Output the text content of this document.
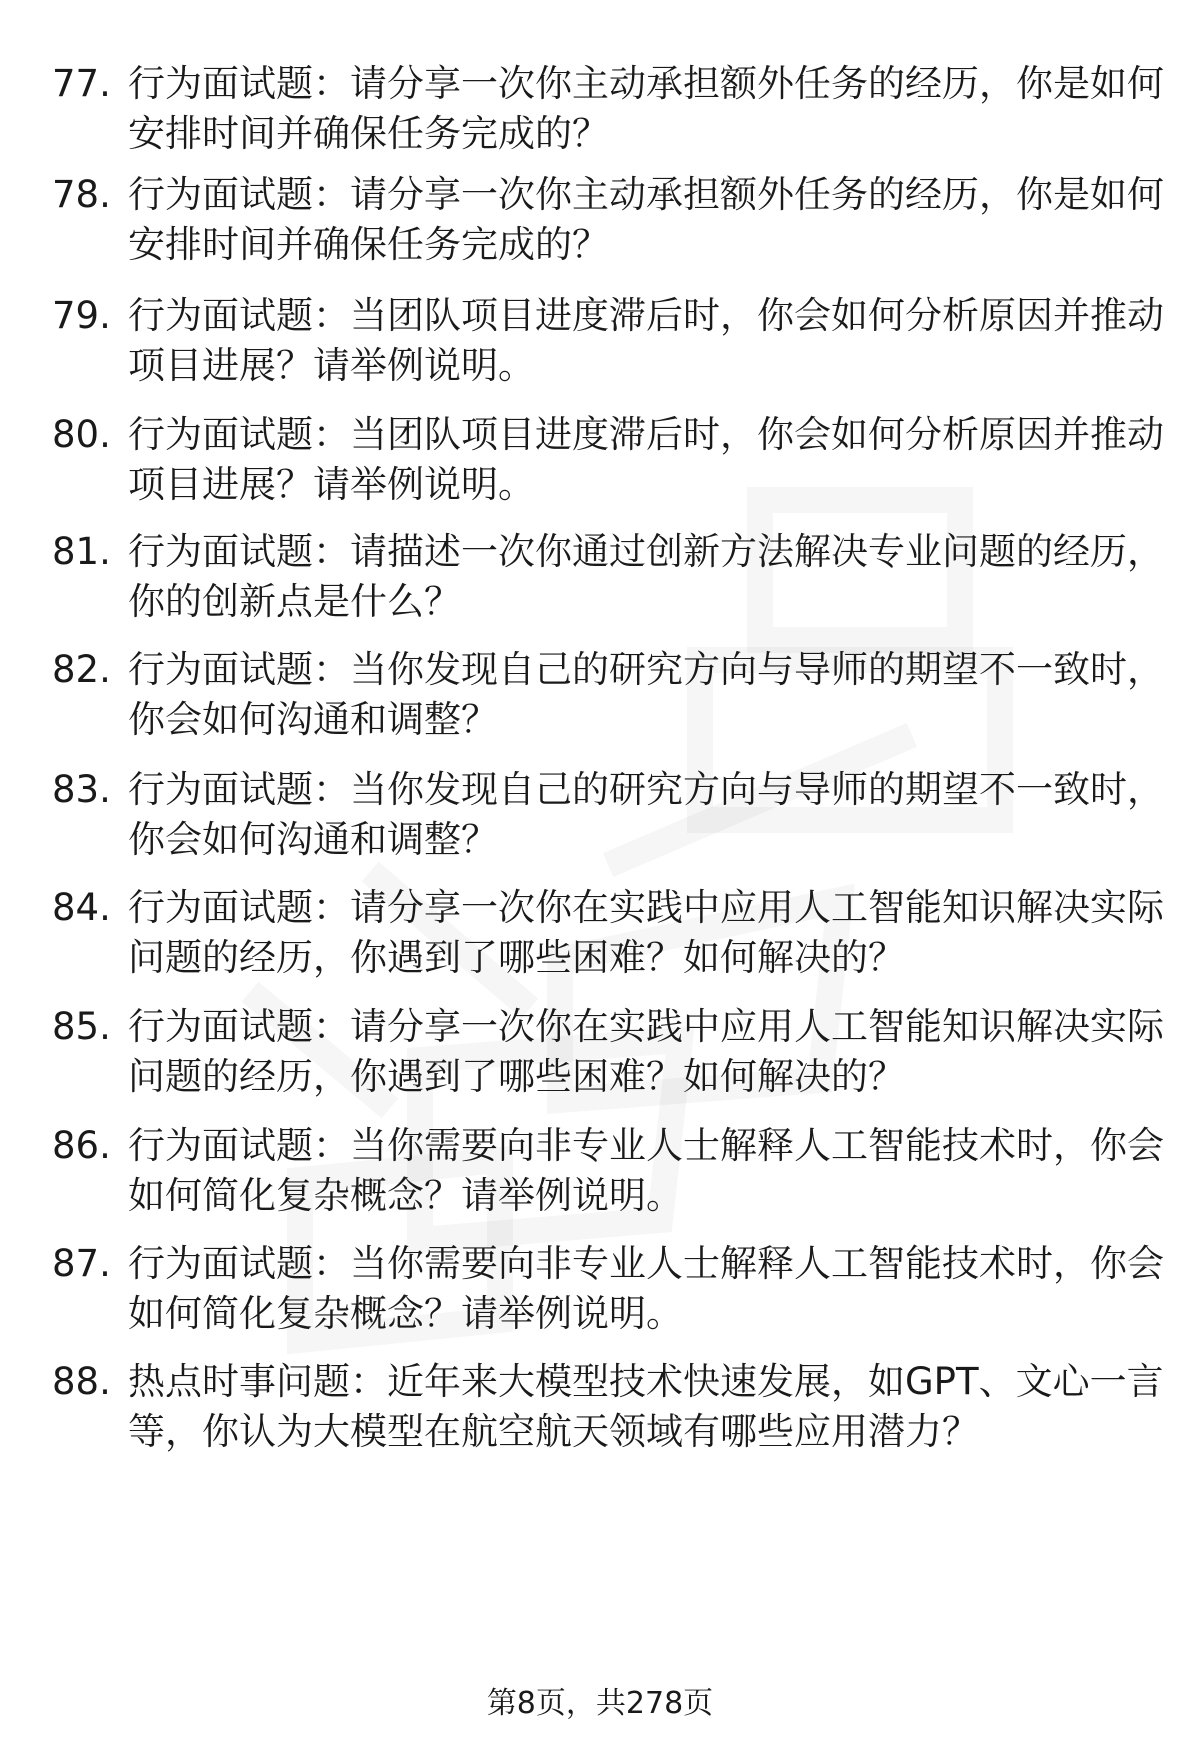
77. 行为面试题：请分享一次你主动承担额外任务的经历，你是如何
安排时间并确保任务完成的？
78. 行为面试题：请分享一次你主动承担额外任务的经历，你是如何
安排时间并确保任务完成的？
79. 行为面试题：当团队项目进度滞后时，你会如何分析原因并推动
项目进展？请举例说明。
80. 行为面试题：当团队项目进度滞后时，你会如何分析原因并推动
项目进展？请举例说明。
81. 行为面试题：请描述一次你通过创新方法解决专业问题的经历，
你的创新点是什么？
82. 行为面试题：当你发现自己的研究方向与导师的期望不一致时，
你会如何沟通和调整？
83. 行为面试题：当你发现自己的研究方向与导师的期望不一致时，
你会如何沟通和调整？
84. 行为面试题：请分享一次你在实践中应用人工智能知识解决实际
问题的经历，你遇到了哪些困难？如何解决的？
85. 行为面试题：请分享一次你在实践中应用人工智能知识解决实际
问题的经历，你遇到了哪些困难？如何解决的？
86. 行为面试题：当你需要向非专业人士解释人工智能技术时，你会
如何简化复杂概念？请举例说明。
87. 行为面试题：当你需要向非专业人士解释人工智能技术时，你会
如何简化复杂概念？请举例说明。
88. 热点时事问题：近年来大模型技术快速发展，如GPT、文心一言
等，你认为大模型在航空航天领域有哪些应用潜力？
第8页，共278页
